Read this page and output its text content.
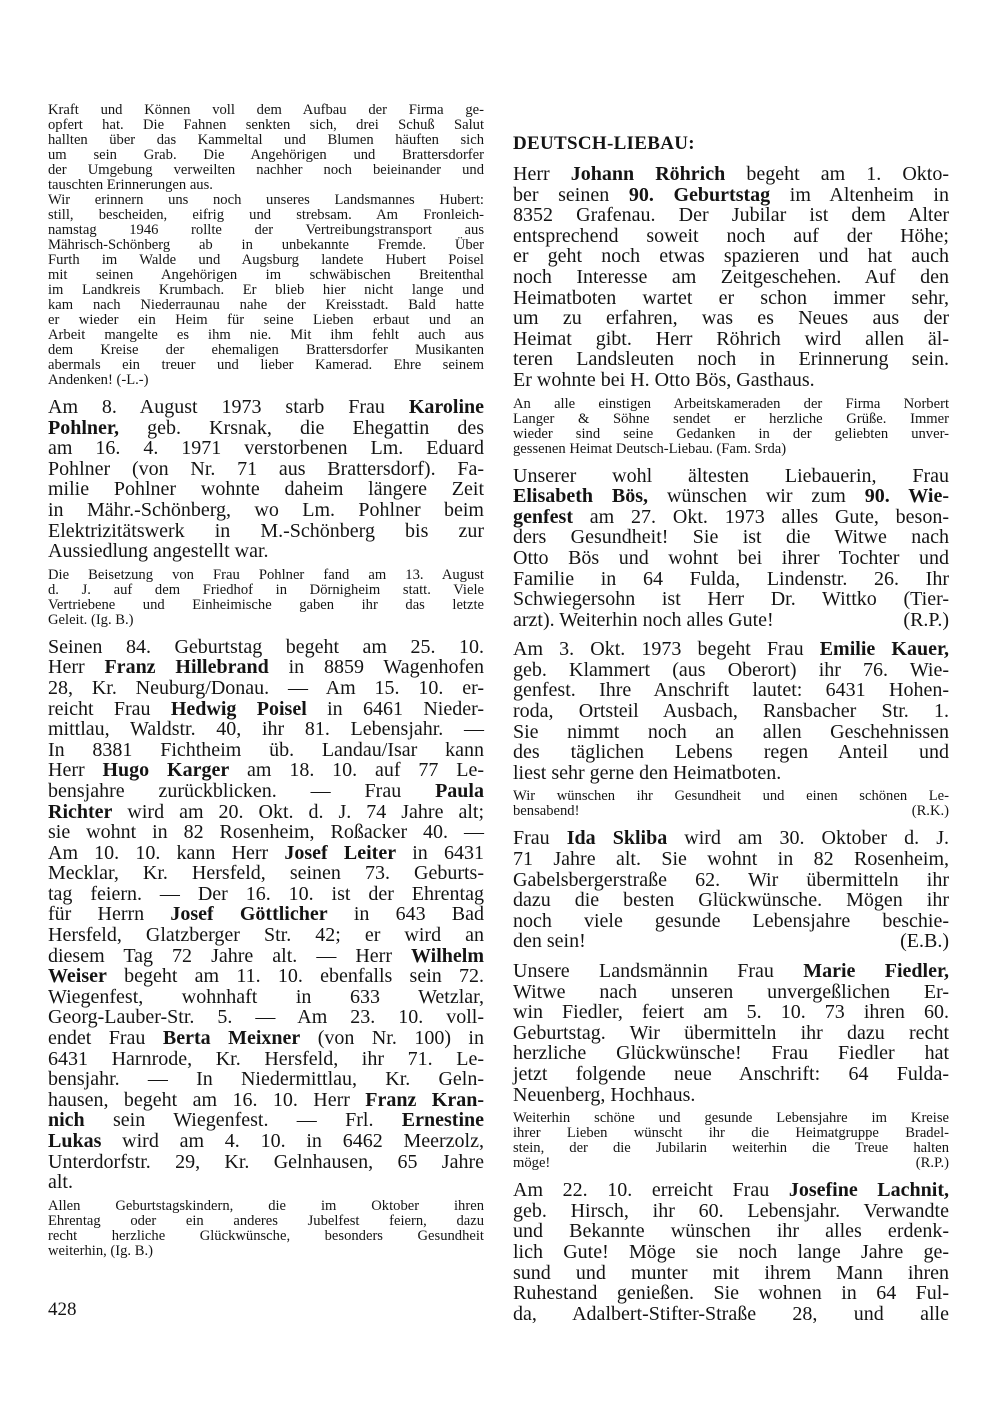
Kraft und Können voll dem Aufbau der Firma ge-
opfert hat. Die Fahnen senkten sich, drei Schuß Salut
hallten über das Kammeltal und Blumen häuften sich
um sein Grab. Die Angehörigen und Brattersdorfer
der Umgebung verweilten nachher noch beieinander und
tauschten Erinnerungen aus.
Wir erinnern uns noch unseres Landsmannes Hubert:
still, bescheiden, eifrig und strebsam. Am Fronleich-
namstag 1946 rollte der Vertreibungstransport aus
Mährisch-Schönberg ab in unbekannte Fremde. Über
Furth im Walde und Augsburg landete Hubert Poisel
mit seinen Angehörigen im schwäbischen Breitenthal
im Landkreis Krumbach. Er blieb hier nicht lange und
kam nach Niederraunau nahe der Kreisstadt. Bald hatte
er wieder ein Heim für seine Lieben erbaut und an
Arbeit mangelte es ihm nie. Mit ihm fehlt auch aus
dem Kreise der ehemaligen Brattersdorfer Musikanten
abermals ein treuer und lieber Kamerad. Ehre seinem
Andenken! (-L.-)
Am 8. August 1973 starb Frau Karoline
Pohlner, geb. Krsnak, die Ehegattin des
am 16. 4. 1971 verstorbenen Lm. Eduard
Pohlner (von Nr. 71 aus Brattersdorf). Fa-
milie Pohlner wohnte daheim längere Zeit
in Mähr.-Schönberg, wo Lm. Pohlner beim
Elektrizitätswerk in M.-Schönberg bis zur
Aussiedlung angestellt war.
Die Beisetzung von Frau Pohlner fand am 13. August
d. J. auf dem Friedhof in Dörnigheim statt. Viele
Vertriebene und Einheimische gaben ihr das letzte
Geleit. (Ig. B.)
Seinen 84. Geburtstag begeht am 25. 10.
Herr Franz Hillebrand in 8859 Wagenhofen
28, Kr. Neuburg/Donau. — Am 15. 10. er-
reicht Frau Hedwig Poisel in 6461 Nieder-
mittlau, Waldstr. 40, ihr 81. Lebensjahr. —
In 8381 Fichtheim üb. Landau/Isar kann
Herr Hugo Karger am 18. 10. auf 77 Le-
bensjahre zurückblicken. — Frau Paula
Richter wird am 20. Okt. d. J. 74 Jahre alt;
sie wohnt in 82 Rosenheim, Roßacker 40. —
Am 10. 10. kann Herr Josef Leiter in 6431
Mecklar, Kr. Hersfeld, seinen 73. Geburts-
tag feiern. — Der 16. 10. ist der Ehrentag
für Herrn Josef Göttlicher in 643 Bad
Hersfeld, Glatzberger Str. 42; er wird an
diesem Tag 72 Jahre alt. — Herr Wilhelm
Weiser begeht am 11. 10. ebenfalls sein 72.
Wiegenfest, wohnhaft in 633 Wetzlar,
Georg-Lauber-Str. 5. — Am 23. 10. voll-
endet Frau Berta Meixner (von Nr. 100) in
6431 Harnrode, Kr. Hersfeld, ihr 71. Le-
bensjahr. — In Niedermittlau, Kr. Geln-
hausen, begeht am 16. 10. Herr Franz Kran-
nich sein Wiegenfest. — Frl. Ernestine
Lukas wird am 4. 10. in 6462 Meerzolz,
Unterdorfstr. 29, Kr. Gelnhausen, 65 Jahre
alt.
Allen Geburtstagskindern, die im Oktober ihren
Ehrentag oder ein anderes Jubelfest feiern, dazu
recht herzliche Glückwünsche, besonders Gesundheit
weiterhin, (Ig. B.)
DEUTSCH-LIEBAU:
Herr Johann Röhrich begeht am 1. Okto-
ber seinen 90. Geburtstag im Altenheim in
8352 Grafenau. Der Jubilar ist dem Alter
entsprechend soweit noch auf der Höhe;
er geht noch etwas spazieren und hat auch
noch Interesse am Zeitgeschehen. Auf den
Heimatboten wartet er schon immer sehr,
um zu erfahren, was es Neues aus der
Heimat gibt. Herr Röhrich wird allen äl-
teren Landsleuten noch in Erinnerung sein.
Er wohnte bei H. Otto Bös, Gasthaus.
An alle einstigen Arbeitskameraden der Firma Norbert
Langer & Söhne sendet er herzliche Grüße. Immer
wieder sind seine Gedanken in der geliebten unver-
gessenen Heimat Deutsch-Liebau. (Fam. Srda)
Unserer wohl ältesten Liebauerin, Frau
Elisabeth Bös, wünschen wir zum 90. Wie-
genfest am 27. Okt. 1973 alles Gute, beson-
ders Gesundheit! Sie ist die Witwe nach
Otto Bös und wohnt bei ihrer Tochter und
Familie in 64 Fulda, Lindenstr. 26. Ihr
Schwiegersohn ist Herr Dr. Wittko (Tier-
(R.P.)
arzt). Weiterhin noch alles Gute!
Am 3. Okt. 1973 begeht Frau Emilie Kauer,
geb. Klammert (aus Oberort) ihr 76. Wie-
genfest. Ihre Anschrift lautet: 6431 Hohen-
roda, Ortsteil Ausbach, Ransbacher Str. 1.
Sie nimmt noch an allen Geschehnissen
des täglichen Lebens regen Anteil und
liest sehr gerne den Heimatboten.
Wir wünschen ihr Gesundheit und einen schönen Le-
(R.K.)
bensabend!
Frau Ida Skliba wird am 30. Oktober d. J.
71 Jahre alt. Sie wohnt in 82 Rosenheim,
Gabelsbergerstraße 62. Wir übermitteln ihr
dazu die besten Glückwünsche. Mögen ihr
noch viele gesunde Lebensjahre beschie-
(E.B.)
den sein!
Unsere Landsmännin Frau Marie Fiedler,
Witwe nach unseren unvergeßlichen Er-
win Fiedler, feiert am 5. 10. 73 ihren 60.
Geburtstag. Wir übermitteln ihr dazu recht
herzliche Glückwünsche! Frau Fiedler hat
jetzt folgende neue Anschrift: 64 Fulda-
Neuenberg, Hochhaus.
Weiterhin schöne und gesunde Lebensjahre im Kreise
ihrer Lieben wünscht ihr die Heimatgruppe Bradel-
stein, der die Jubilarin weiterhin die Treue halten
(R.P.)
möge!
Am 22. 10. erreicht Frau Josefine Lachnit,
geb. Hirsch, ihr 60. Lebensjahr. Verwandte
und Bekannte wünschen ihr alles erdenk-
lich Gute! Möge sie noch lange Jahre ge-
sund und munter mit ihrem Mann ihren
Ruhestand genießen. Sie wohnen in 64 Ful-
da, Adalbert-Stifter-Straße 28, und alle
428
